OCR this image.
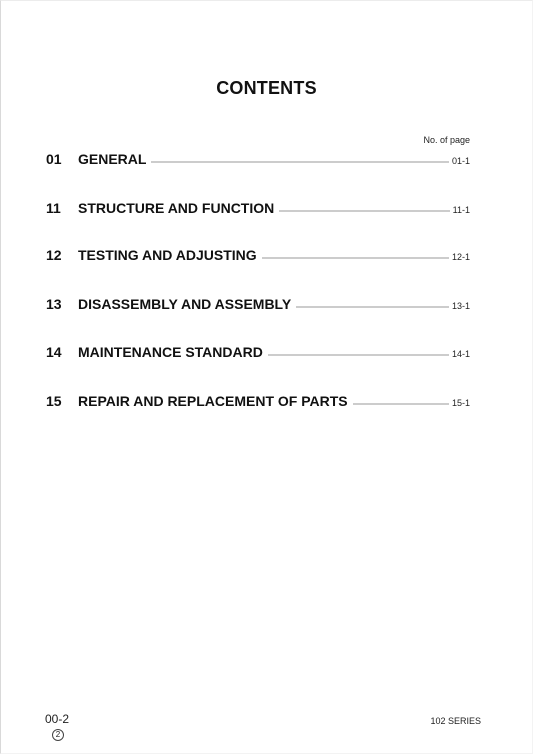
CONTENTS
No. of page
01	GENERAL	01-1
11	STRUCTURE AND FUNCTION	11-1
12	TESTING AND ADJUSTING	12-1
13	DISASSEMBLY AND ASSEMBLY	13-1
14	MAINTENANCE STANDARD	14-1
15	REPAIR AND REPLACEMENT OF PARTS	15-1
00-2
2
102 SERIES
